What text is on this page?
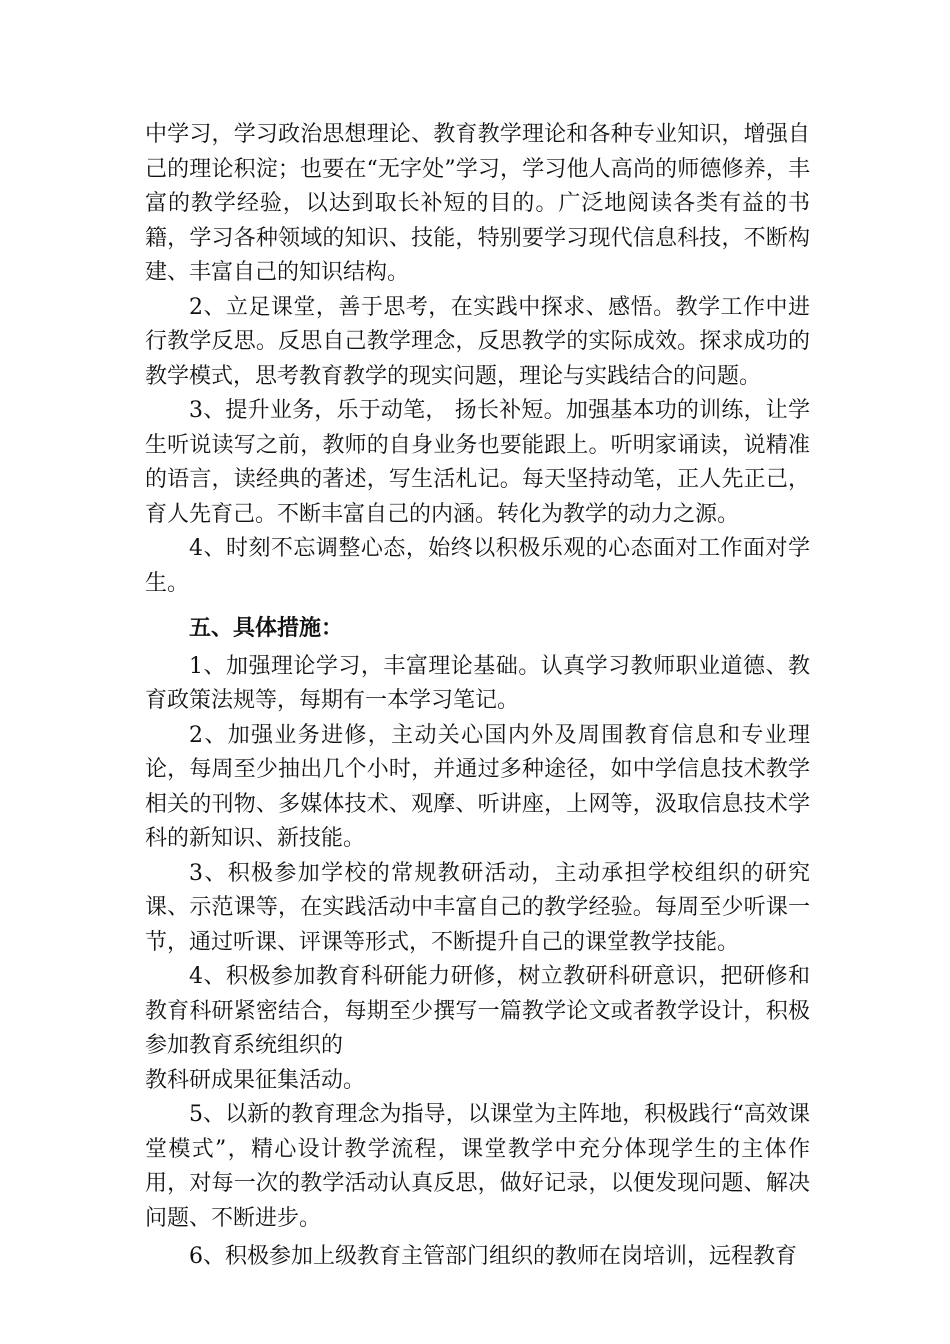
中学习，学习政治思想理论、教育教学理论和各种专业知识，增强自己的理论积淀；也要在“无字处”学习，学习他人高尚的师德修养，丰富的教学经验，以达到取长补短的目的。广泛地阅读各类有益的书籍，学习各种领域的知识、技能，特别要学习现代信息科技，不断构建、丰富自己的知识结构。

2、立足课堂，善于思考，在实践中探求、感悟。教学工作中进行教学反思。反思自己教学理念，反思教学的实际成效。探求成功的教学模式，思考教育教学的现实问题，理论与实践结合的问题。

3、提升业务，乐于动笔， 扬长补短。加强基本功的训练，让学生听说读写之前，教师的自身业务也要能跟上。听明家诵读，说精准的语言，读经典的著述，写生活札记。每天坚持动笔，正人先正己，育人先育己。不断丰富自己的内涵。转化为教学的动力之源。

4、时刻不忘调整心态，始终以积极乐观的心态面对工作面对学生。

五、具体措施：

1、加强理论学习，丰富理论基础。认真学习教师职业道德、教育政策法规等，每期有一本学习笔记。

2、加强业务进修，主动关心国内外及周围教育信息和专业理论，每周至少抽出几个小时，并通过多种途径，如中学信息技术教学相关的刊物、多媒体技术、观摩、听讲座，上网等，汲取信息技术学科的新知识、新技能。

3、积极参加学校的常规教研活动，主动承担学校组织的研究课、示范课等，在实践活动中丰富自己的教学经验。每周至少听课一节，通过听课、评课等形式，不断提升自己的课堂教学技能。

4、积极参加教育科研能力研修，树立教研科研意识，把研修和教育科研紧密结合，每期至少撰写一篇教学论文或者教学设计，积极参加教育系统组织的

教科研成果征集活动。

5、以新的教育理念为指导，以课堂为主阵地，积极践行“高效课堂模式”，精心设计教学流程，课堂教学中充分体现学生的主体作用，对每一次的教学活动认真反思，做好记录，以便发现问题、解决问题、不断进步。

6、积极参加上级教育主管部门组织的教师在岗培训，远程教育
